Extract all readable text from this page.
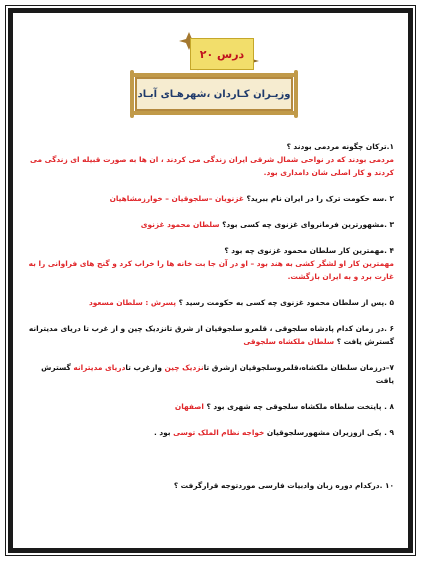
درس ۲۰
وزیـران کـاردان ،شهرهـای آبـاد

۱.ترکان چگونه مردمی بودند ؟

مردمی بودند که در نواحی شمال شرقی ایران زندگی می کردند ، ان ها به صورت قبیله ای زندگی می کردند و کار اصلی شان دامداری بود.

۲ .سه حکومت ترک را در ایران نام ببرید؟ غزنویان –سلجوقیان – خوارزمشاهیان

۳ .مشهورترین فرمانروای غزنوی چه کسی بود؟ سلطان محمود غزنوی

۴ .مهمترین کار سلطان محمود غزنوی چه بود ؟

مهمترین کار او لشگر کشی به هند بود – او در آن جا بت خانه ها را خراب کرد و گنج های فراوانی را به غارت برد و به ایران بازگشت.

۵ .پس از سلطان محمود غزنوی چه کسی به حکومت رسید ؟ پسرش : سلطان مسعود

۶ .در زمان کدام پادشاه سلجوقی ، قلمرو سلجوقیان از شرق تانزدیک چین و از غرب تا دریای مدیترانه گسترش یافت ؟ سلطان ملکشاه سلجوقی

۷–درزمان سلطان ملکشاه،قلمروسلجوقیان ازشرق تانزدیک چین وازغرب تادریای مدیترانه گسترش یافت

۸ . پایتخت سلطاه ملکشاه سلجوقی چه شهری بود ؟ اصفهان

۹ . یکی ازوزیران مشهورسلجوقیان خواجه نظام الملک توسی بود .

۱۰ .درکدام دوره زبان وادبیات فارسی موردتوجه قرارگرفت ؟
